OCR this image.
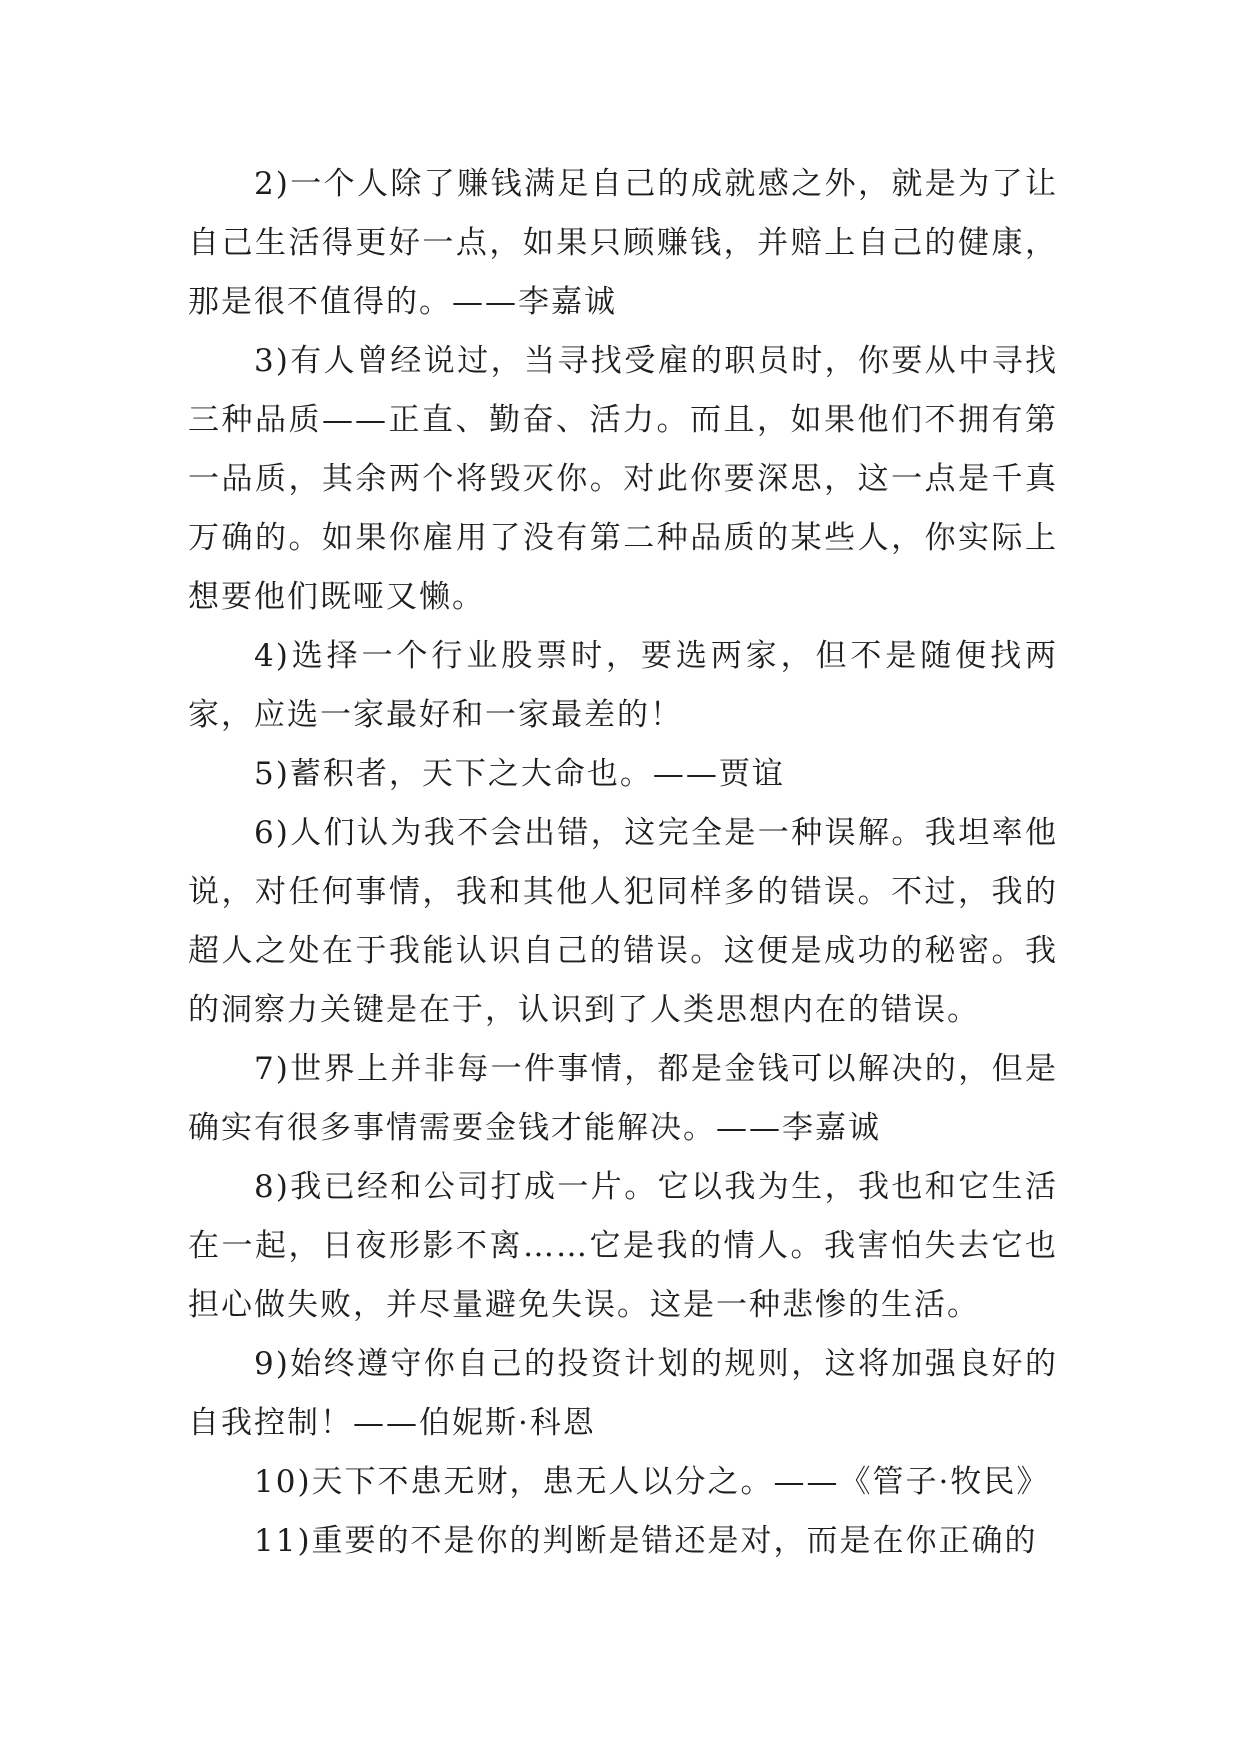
2)一个人除了赚钱满足自己的成就感之外，就是为了让自己生活得更好一点，如果只顾赚钱，并赔上自己的健康，那是很不值得的。——李嘉诚

3)有人曾经说过，当寻找受雇的职员时，你要从中寻找三种品质——正直、勤奋、活力。而且，如果他们不拥有第一品质，其余两个将毁灭你。对此你要深思，这一点是千真万确的。如果你雇用了没有第二种品质的某些人，你实际上想要他们既哑又懒。

4)选择一个行业股票时，要选两家，但不是随便找两家，应选一家最好和一家最差的！

5)蓄积者，天下之大命也。——贾谊

6)人们认为我不会出错，这完全是一种误解。我坦率他说，对任何事情，我和其他人犯同样多的错误。不过，我的超人之处在于我能认识自己的错误。这便是成功的秘密。我的洞察力关键是在于，认识到了人类思想内在的错误。

7)世界上并非每一件事情，都是金钱可以解决的，但是确实有很多事情需要金钱才能解决。——李嘉诚

8)我已经和公司打成一片。它以我为生，我也和它生活在一起，日夜形影不离……它是我的情人。我害怕失去它也担心做失败，并尽量避免失误。这是一种悲惨的生活。

9)始终遵守你自己的投资计划的规则，这将加强良好的自我控制！——伯妮斯·科恩

10)天下不患无财，患无人以分之。——《管子·牧民》

11)重要的不是你的判断是错还是对，而是在你正确的
